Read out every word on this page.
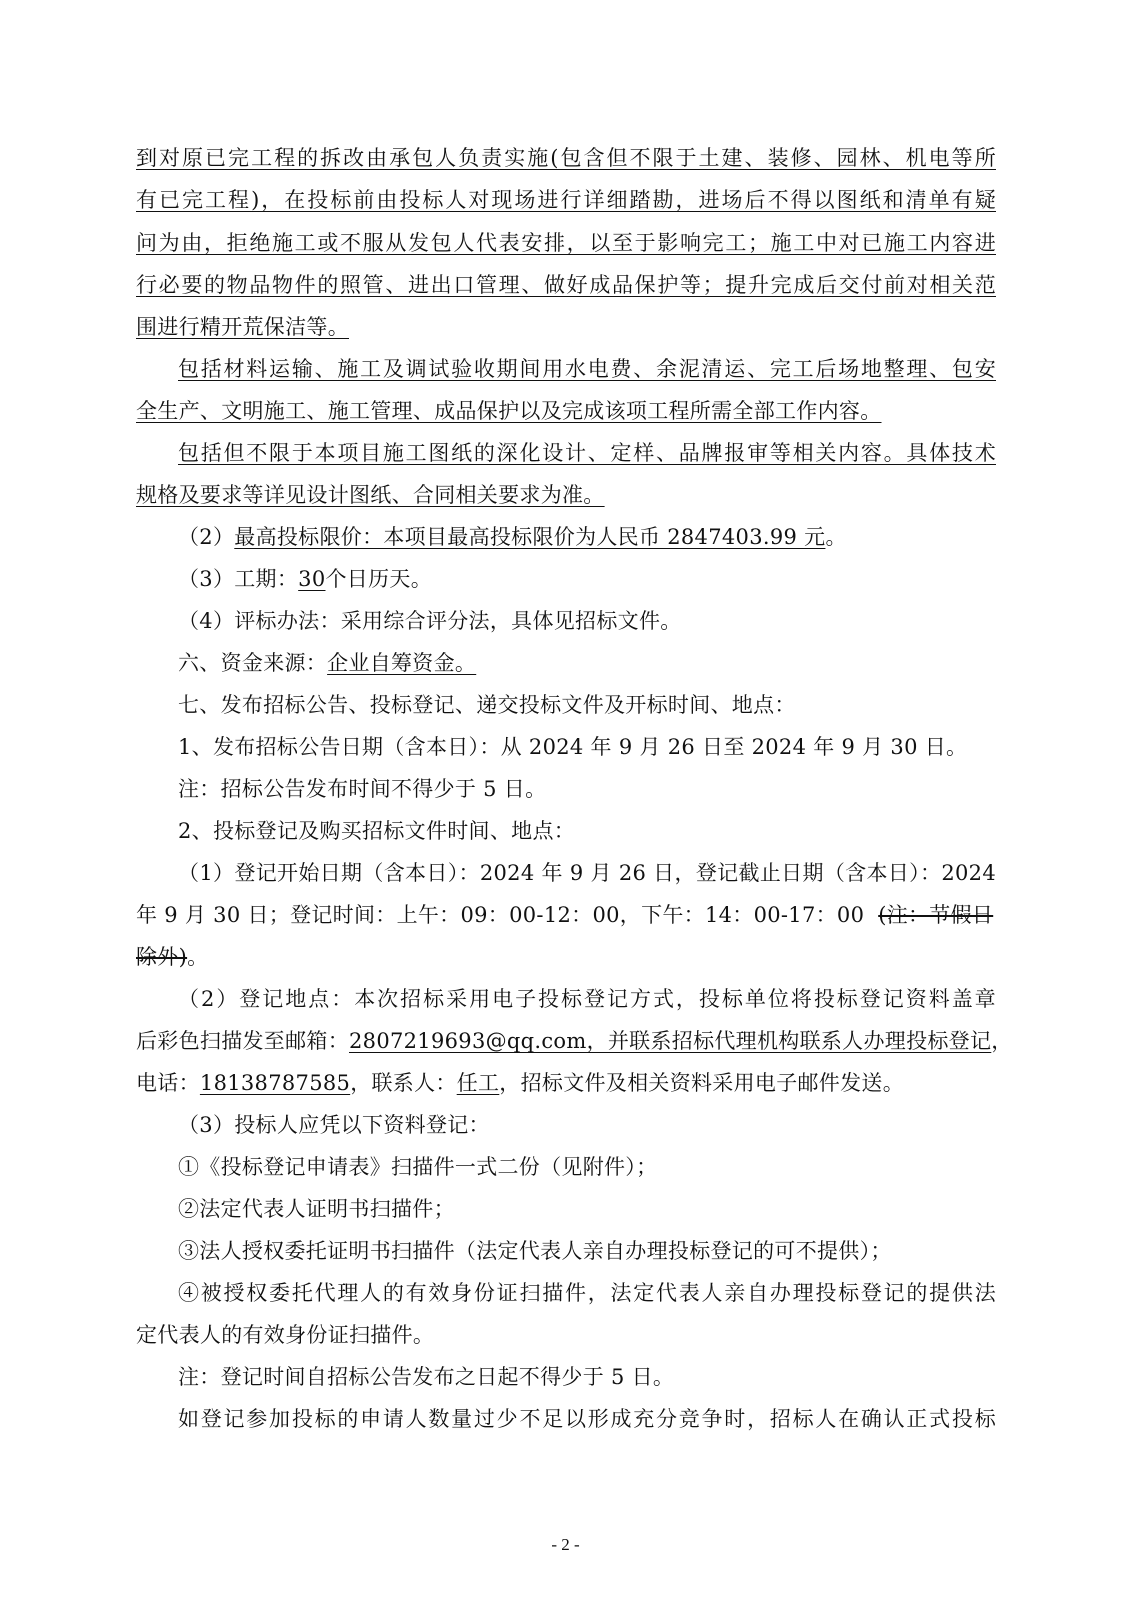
到对原已完工程的拆改由承包人负责实施(包含但不限于土建、装修、园林、机电等所
有已完工程)，在投标前由投标人对现场进行详细踏勘，进场后不得以图纸和清单有疑
问为由，拒绝施工或不服从发包人代表安排，以至于影响完工；施工中对已施工内容进
行必要的物品物件的照管、进出口管理、做好成品保护等；提升完成后交付前对相关范
围进行精开荒保洁等。
包括材料运输、施工及调试验收期间用水电费、余泥清运、完工后场地整理、包安
全生产、文明施工、施工管理、成品保护以及完成该项工程所需全部工作内容。
包括但不限于本项目施工图纸的深化设计、定样、品牌报审等相关内容。具体技术
规格及要求等详见设计图纸、合同相关要求为准。
（2）最高投标限价：本项目最高投标限价为人民币 2847403.99 元。
（3）工期：30个日历天。
（4）评标办法：采用综合评分法，具体见招标文件。
六、资金来源：企业自筹资金。
七、发布招标公告、投标登记、递交投标文件及开标时间、地点：
1、发布招标公告日期（含本日）：从 2024 年 9 月 26 日至 2024 年 9 月 30 日。
注：招标公告发布时间不得少于 5 日。
2、投标登记及购买招标文件时间、地点：
（1）登记开始日期（含本日）：2024 年 9 月 26 日，登记截止日期（含本日）：2024
年 9 月 30 日；登记时间：上午：09：00-12：00，下午：14：00-17：00 (注：节假日
除外)。
（2）登记地点：本次招标采用电子投标登记方式，投标单位将投标登记资料盖章
后彩色扫描发至邮箱：2807219693@qq.com，并联系招标代理机构联系人办理投标登记，
电话：18138787585，联系人：任工，招标文件及相关资料采用电子邮件发送。
（3）投标人应凭以下资料登记：
①《投标登记申请表》扫描件一式二份（见附件）；
②法定代表人证明书扫描件；
③法人授权委托证明书扫描件（法定代表人亲自办理投标登记的可不提供）；
④被授权委托代理人的有效身份证扫描件，法定代表人亲自办理投标登记的提供法
定代表人的有效身份证扫描件。
注：登记时间自招标公告发布之日起不得少于 5 日。
如登记参加投标的申请人数量过少不足以形成充分竞争时，招标人在确认正式投标
- 2 -
